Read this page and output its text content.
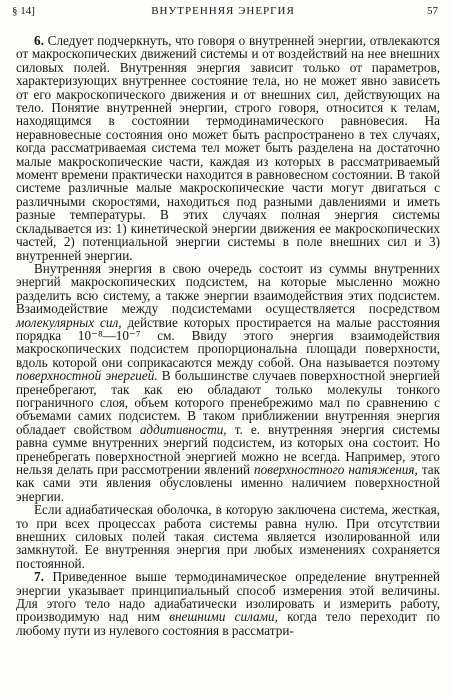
§ 14]	ВНУТРЕННЯЯ ЭНЕРГИЯ	57

6. Следует подчеркнуть, что говоря о внутренней энергии, отвлекаются от макроскопических движений системы и от воздействий на нее внешних силовых полей. Внутренняя энергия зависит только от параметров, характеризующих внутреннее состояние тела, но не может явно зависеть от его макроскопического движения и от внешних сил, действующих на тело. Понятие внутренней энергии, строго говоря, относится к телам, находящимся в состоянии термодинамического равновесия. На неравновесные состояния оно может быть распространено в тех случаях, когда рассматриваемая система тел может быть разделена на достаточно малые макроскопические части, каждая из которых в рассматриваемый момент времени практически находится в равновесном состоянии. В такой системе различные малые макроскопические части могут двигаться с различными скоростями, находиться под разными давлениями и иметь разные температуры. В этих случаях полная энергия системы складывается из: 1) кинетической энергии движения ее макроскопических частей, 2) потенциальной энергии системы в поле внешних сил и 3) внутренней энергии.

Внутренняя энергия в свою очередь состоит из суммы внутренних энергий макроскопических подсистем, на которые мысленно можно разделить всю систему, а также энергии взаимодействия этих подсистем. Взаимодействие между подсистемами осуществляется посредством молекулярных сил, действие которых простирается на малые расстояния порядка 10⁻⁸—10⁻⁷ см. Ввиду этого энергия взаимодействия макроскопических подсистем пропорциональна площади поверхности, вдоль которой они соприкасаются между собой. Она называется поэтому поверхностной энергией. В большинстве случаев поверхностной энергией пренебрегают, так как ею обладают только молекулы тонкого пограничного слоя, объем которого пренебрежимо мал по сравнению с объемами самих подсистем. В таком приближении внутренняя энергия обладает свойством аддитивности, т. е. внутренняя энергия системы равна сумме внутренних энергий подсистем, из которых она состоит. Но пренебрегать поверхностной энергией можно не всегда. Например, этого нельзя делать при рассмотрении явлений поверхностного натяжения, так как сами эти явления обусловлены именно наличием поверхностной энергии.

Если адиабатическая оболочка, в которую заключена система, жесткая, то при всех процессах работа системы равна нулю. При отсутствии внешних силовых полей такая система является изолированной или замкнутой. Ее внутренняя энергия при любых изменениях сохраняется постоянной.

7. Приведенное выше термодинамическое определение внутренней энергии указывает принципиальный способ измерения этой величины. Для этого тело надо адиабатически изолировать и измерить работу, производимую над ним внешними силами, когда тело переходит по любому пути из нулевого состояния в рассматри-
